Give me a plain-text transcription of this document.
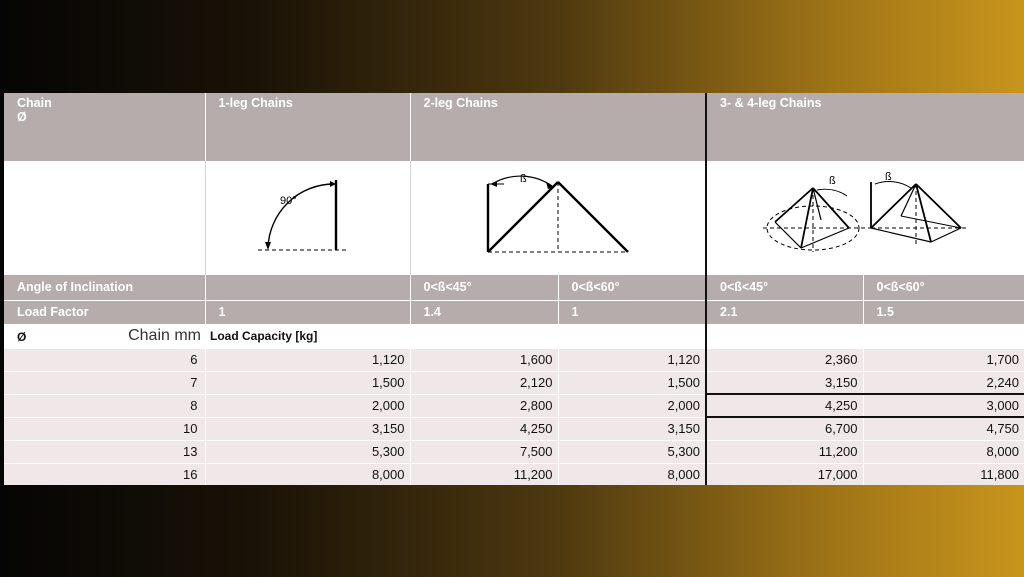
Chain
Ø	1-leg Chains	2-leg Chains		3- & 4-leg Chains	

90°	ß		ß ß	

Angle of Inclination		0<ß<45°	0<ß<60°	0<ß<45°	0<ß<60°
Load Factor	1	1.4	1	2.1	1.5

Ø Chain mm	Load Capacity [kg]				
6	1,120	1,600	1,120	2,360	1,700
7	1,500	2,120	1,500	3,150	2,240
8	2,000	2,800	2,000	4,250	3,000
10	3,150	4,250	3,150	6,700	4,750
13	5,300	7,500	5,300	11,200	8,000
16	8,000	11,200	8,000	17,000	11,800
